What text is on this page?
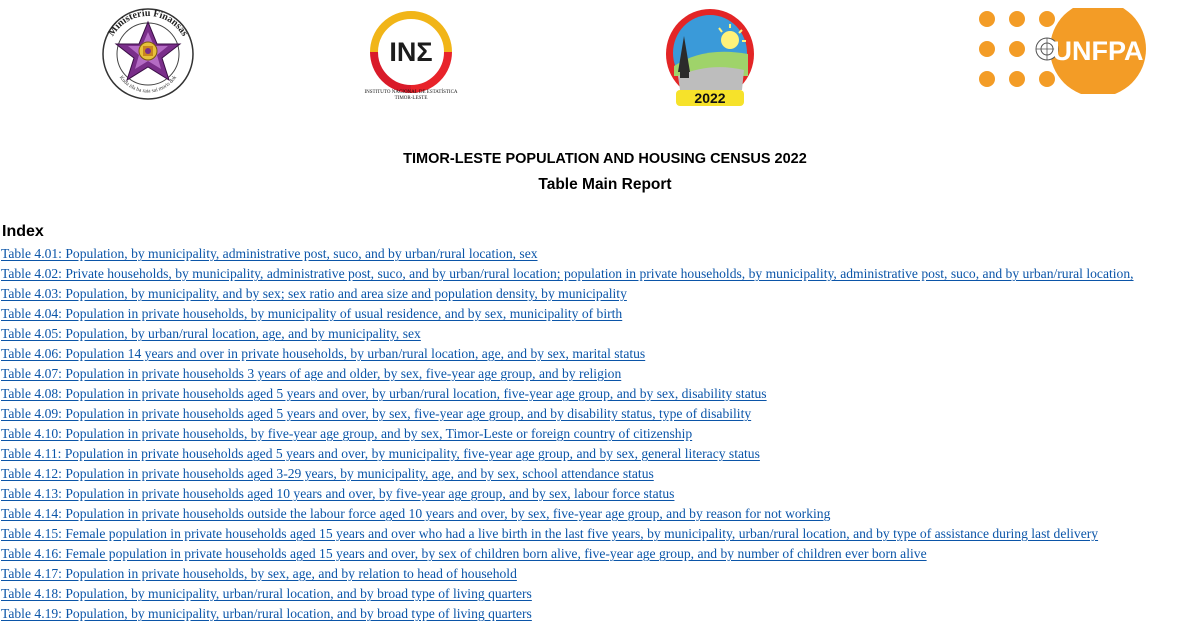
Ministeriu Finansas
Kuda ida ba raia sai moris dok
INΣ
INSTITUTO NACIONAL DE ESTATÍSTICA
TIMOR-LESTE	2022
UNFPA
TIMOR-LESTE POPULATION AND HOUSING CENSUS 2022
Table Main Report
Index
Table 4.01: Population, by municipality, administrative post, suco, and by urban/rural location, sex
Table 4.02: Private households, by municipality, administrative post, suco, and by urban/rural location; population in private households, by municipality, administrative post, suco, and by urban/rural location,
Table 4.03: Population, by municipality, and by sex; sex ratio and area size and population density, by municipality
Table 4.04: Population in private households, by municipality of usual residence, and by sex, municipality of birth
Table 4.05: Population, by urban/rural location, age, and by municipality, sex
Table 4.06: Population 14 years and over in private households, by urban/rural location, age, and by sex, marital status
Table 4.07: Population in private households 3 years of age and older, by sex, five-year age group, and by religion
Table 4.08: Population in private households aged 5 years and over, by urban/rural location, five-year age group, and by sex, disability status
Table 4.09: Population in private households aged 5 years and over, by sex, five-year age group, and by disability status, type of disability
Table 4.10: Population in private households, by five-year age group, and by sex, Timor-Leste or foreign country of citizenship
Table 4.11: Population in private households aged 5 years and over, by municipality, five-year age group, and by sex, general literacy status
Table 4.12: Population in private households aged 3-29 years, by municipality, age, and by sex, school attendance status
Table 4.13: Population in private households aged 10 years and over, by five-year age group, and by sex, labour force status
Table 4.14: Population in private households outside the labour force aged 10 years and over, by sex, five-year age group, and by reason for not working
Table 4.15: Female population in private households aged 15 years and over who had a live birth in the last five years, by municipality, urban/rural location, and by type of assistance during last delivery
Table 4.16: Female population in private households aged 15 years and over, by sex of children born alive, five-year age group, and by number of children ever born alive
Table 4.17: Population in private households, by sex, age, and by relation to head of household
Table 4.18: Population, by municipality, urban/rural location, and by broad type of living quarters
Table 4.19: Population, by municipality, urban/rural location, and by broad type of living quarters
